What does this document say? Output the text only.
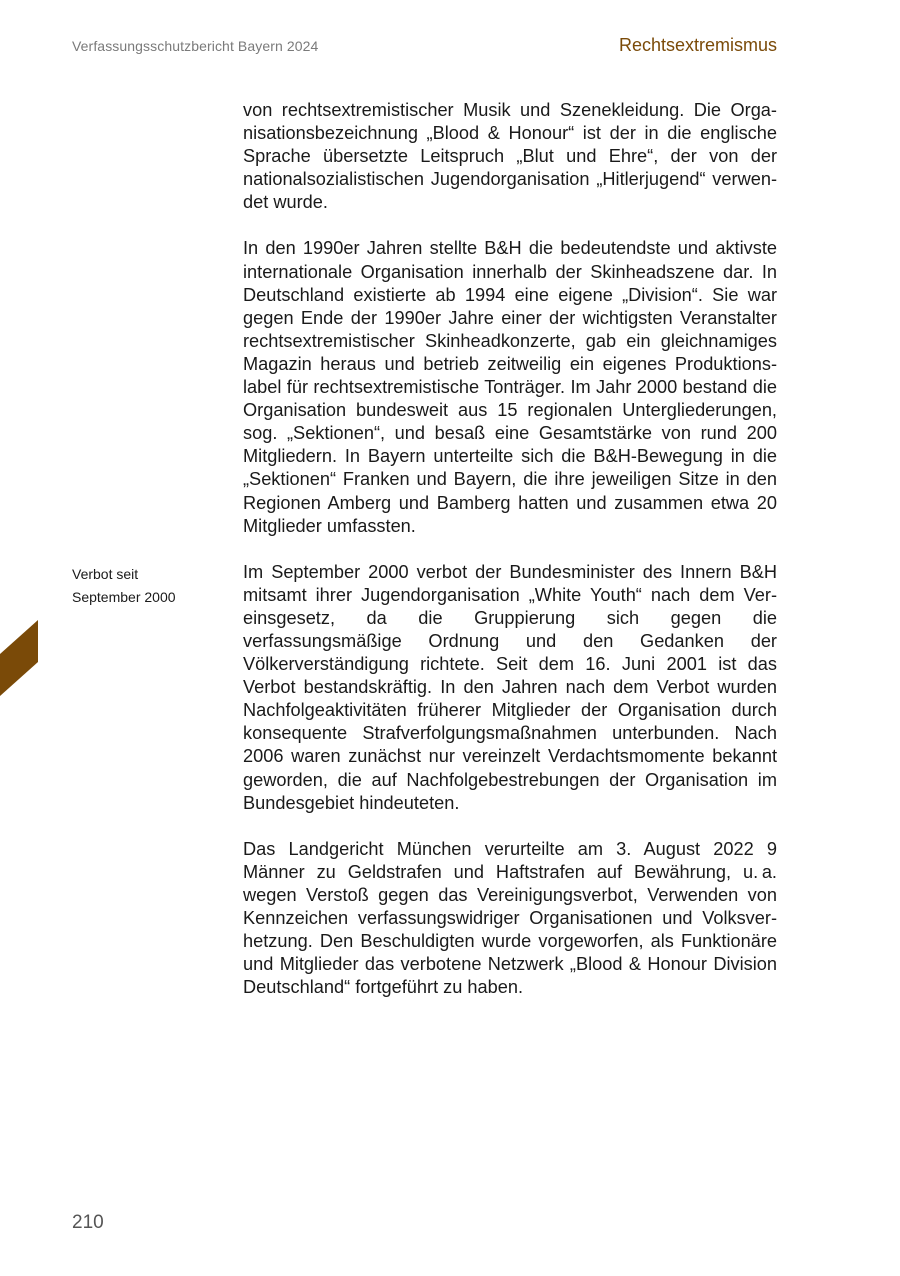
Verfassungsschutzbericht Bayern 2024	Rechtsextremismus
Verbot seit
September 2000

von rechtsextremistischer Musik und Szenekleidung. Die Organisationsbezeichnung „Blood & Honour“ ist der in die englische Sprache übersetzte Leitspruch „Blut und Ehre“, der von der nationalsozialistischen Jugendorganisation „Hitlerjugend“ verwendet wurde.

In den 1990er Jahren stellte B&H die bedeutendste und aktivste internationale Organisation innerhalb der Skinheadszene dar. In Deutschland existierte ab 1994 eine eigene „Division“. Sie war gegen Ende der 1990er Jahre einer der wichtigsten Veranstalter rechtsextremistischer Skinheadkonzerte, gab ein gleichnamiges Magazin heraus und betrieb zeitweilig ein eigenes Produktionslabel für rechtsextremistische Tonträger. Im Jahr 2000 bestand die Organisation bundesweit aus 15 regionalen Untergliederungen, sog. „Sektionen“, und besaß eine Gesamtstärke von rund 200 Mitgliedern. In Bayern unterteilte sich die B&H-Bewegung in die „Sektionen“ Franken und Bayern, die ihre jeweiligen Sitze in den Regionen Amberg und Bamberg hatten und zusammen etwa 20 Mitglieder umfassten.

Im September 2000 verbot der Bundesminister des Innern B&H mitsamt ihrer Jugendorganisation „White Youth“ nach dem Vereinsgesetz, da die Gruppierung sich gegen die verfassungsmäßige Ordnung und den Gedanken der Völkerverständigung richtete. Seit dem 16. Juni 2001 ist das Verbot bestandskräftig. In den Jahren nach dem Verbot wurden Nachfolgeaktivitäten früherer Mitglieder der Organisation durch konsequente Strafverfolgungsmaßnahmen unterbunden. Nach 2006 waren zunächst nur vereinzelt Verdachtsmomente bekannt geworden, die auf Nachfolgebestrebungen der Organisation im Bundesgebiet hindeuteten.

Das Landgericht München verurteilte am 3. August 2022 9 Männer zu Geldstrafen und Haftstrafen auf Bewährung, u. a. wegen Verstoß gegen das Vereinigungsverbot, Verwenden von Kennzeichen verfassungswidriger Organisationen und Volksverhetzung. Den Beschuldigten wurde vorgeworfen, als Funktionäre und Mitglieder das verbotene Netzwerk „Blood & Honour Division Deutschland“ fortgeführt zu haben.

210
